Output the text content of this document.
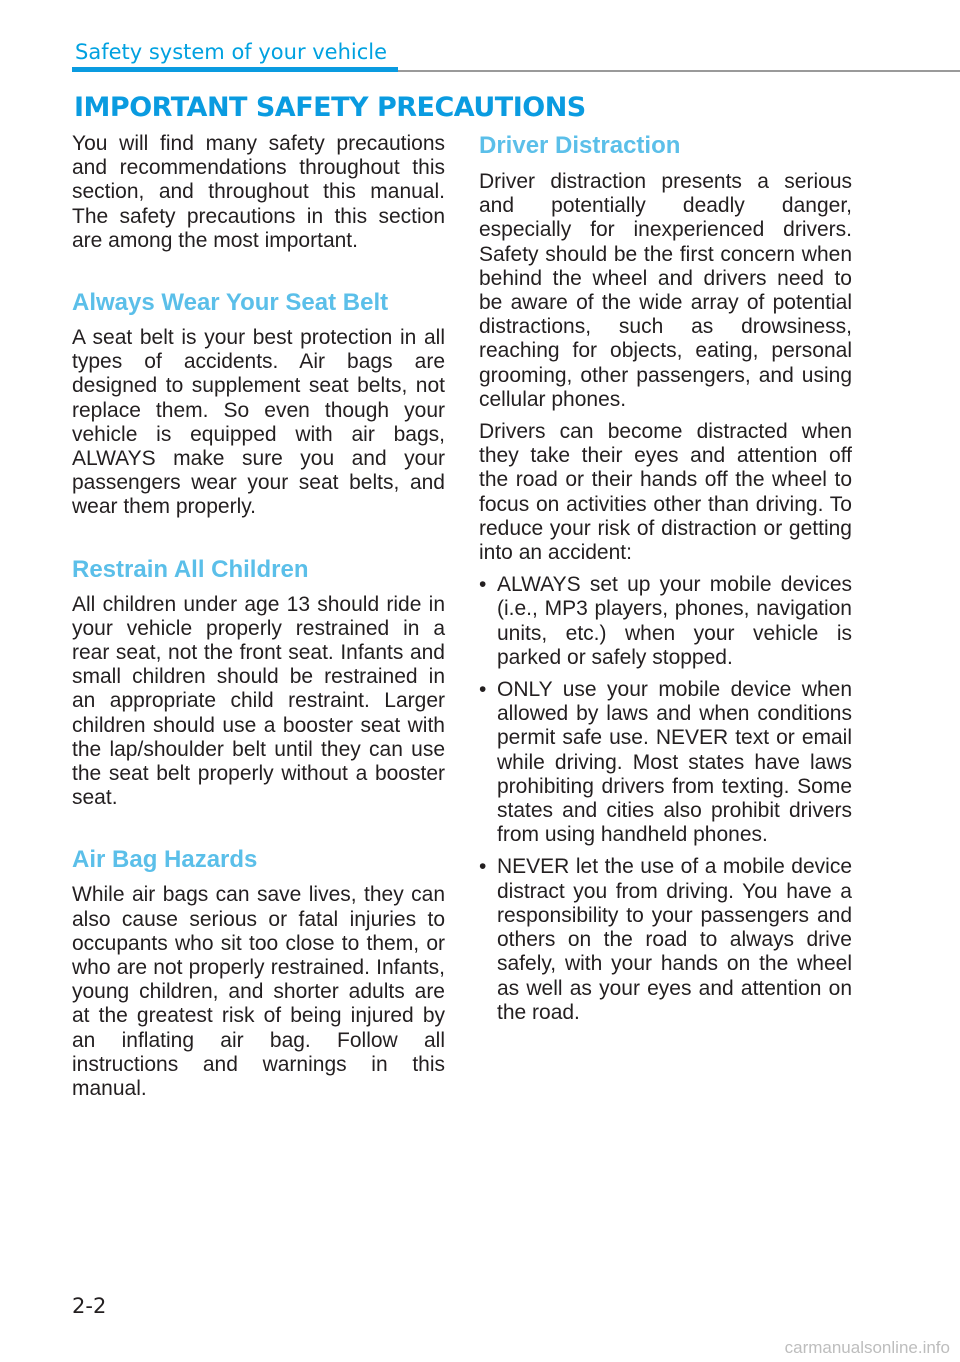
Safety system of your vehicle
IMPORTANT SAFETY PRECAUTIONS

You will find many safety precautions and recommendations throughout this section, and throughout this manual. The safety precautions in this section are among the most important.

Always Wear Your Seat Belt

A seat belt is your best protection in all types of accidents. Air bags are designed to supplement seat belts, not replace them. So even though your vehicle is equipped with air bags, ALWAYS make sure you and your passengers wear your seat belts, and wear them properly.

Restrain All Children

All children under age 13 should ride in your vehicle properly restrained in a rear seat, not the front seat. Infants and small children should be restrained in an appropriate child restraint. Larger children should use a booster seat with the lap/shoulder belt until they can use the seat belt properly without a booster seat.

Air Bag Hazards

While air bags can save lives, they can also cause serious or fatal injuries to occupants who sit too close to them, or who are not properly restrained. Infants, young children, and shorter adults are at the greatest risk of being injured by an inflating air bag. Follow all instructions and warnings in this manual.

Driver Distraction

Driver distraction presents a serious and potentially deadly danger, especially for inexperienced drivers. Safety should be the first concern when behind the wheel and drivers need to be aware of the wide array of potential distractions, such as drowsiness, reaching for objects, eating, personal grooming, other passengers, and using cellular phones.

Drivers can become distracted when they take their eyes and attention off the road or their hands off the wheel to focus on activities other than driving. To reduce your risk of distraction or getting into an accident:

• ALWAYS set up your mobile devices (i.e., MP3 players, phones, navigation units, etc.) when your vehicle is parked or safely stopped.
• ONLY use your mobile device when allowed by laws and when conditions permit safe use. NEVER text or email while driving. Most states have laws prohibiting drivers from texting. Some states and cities also prohibit drivers from using handheld phones.
• NEVER let the use of a mobile device distract you from driving. You have a responsibility to your passengers and others on the road to always drive safely, with your hands on the wheel as well as your eyes and attention on the road.
2-2
carmanualsonline.info
